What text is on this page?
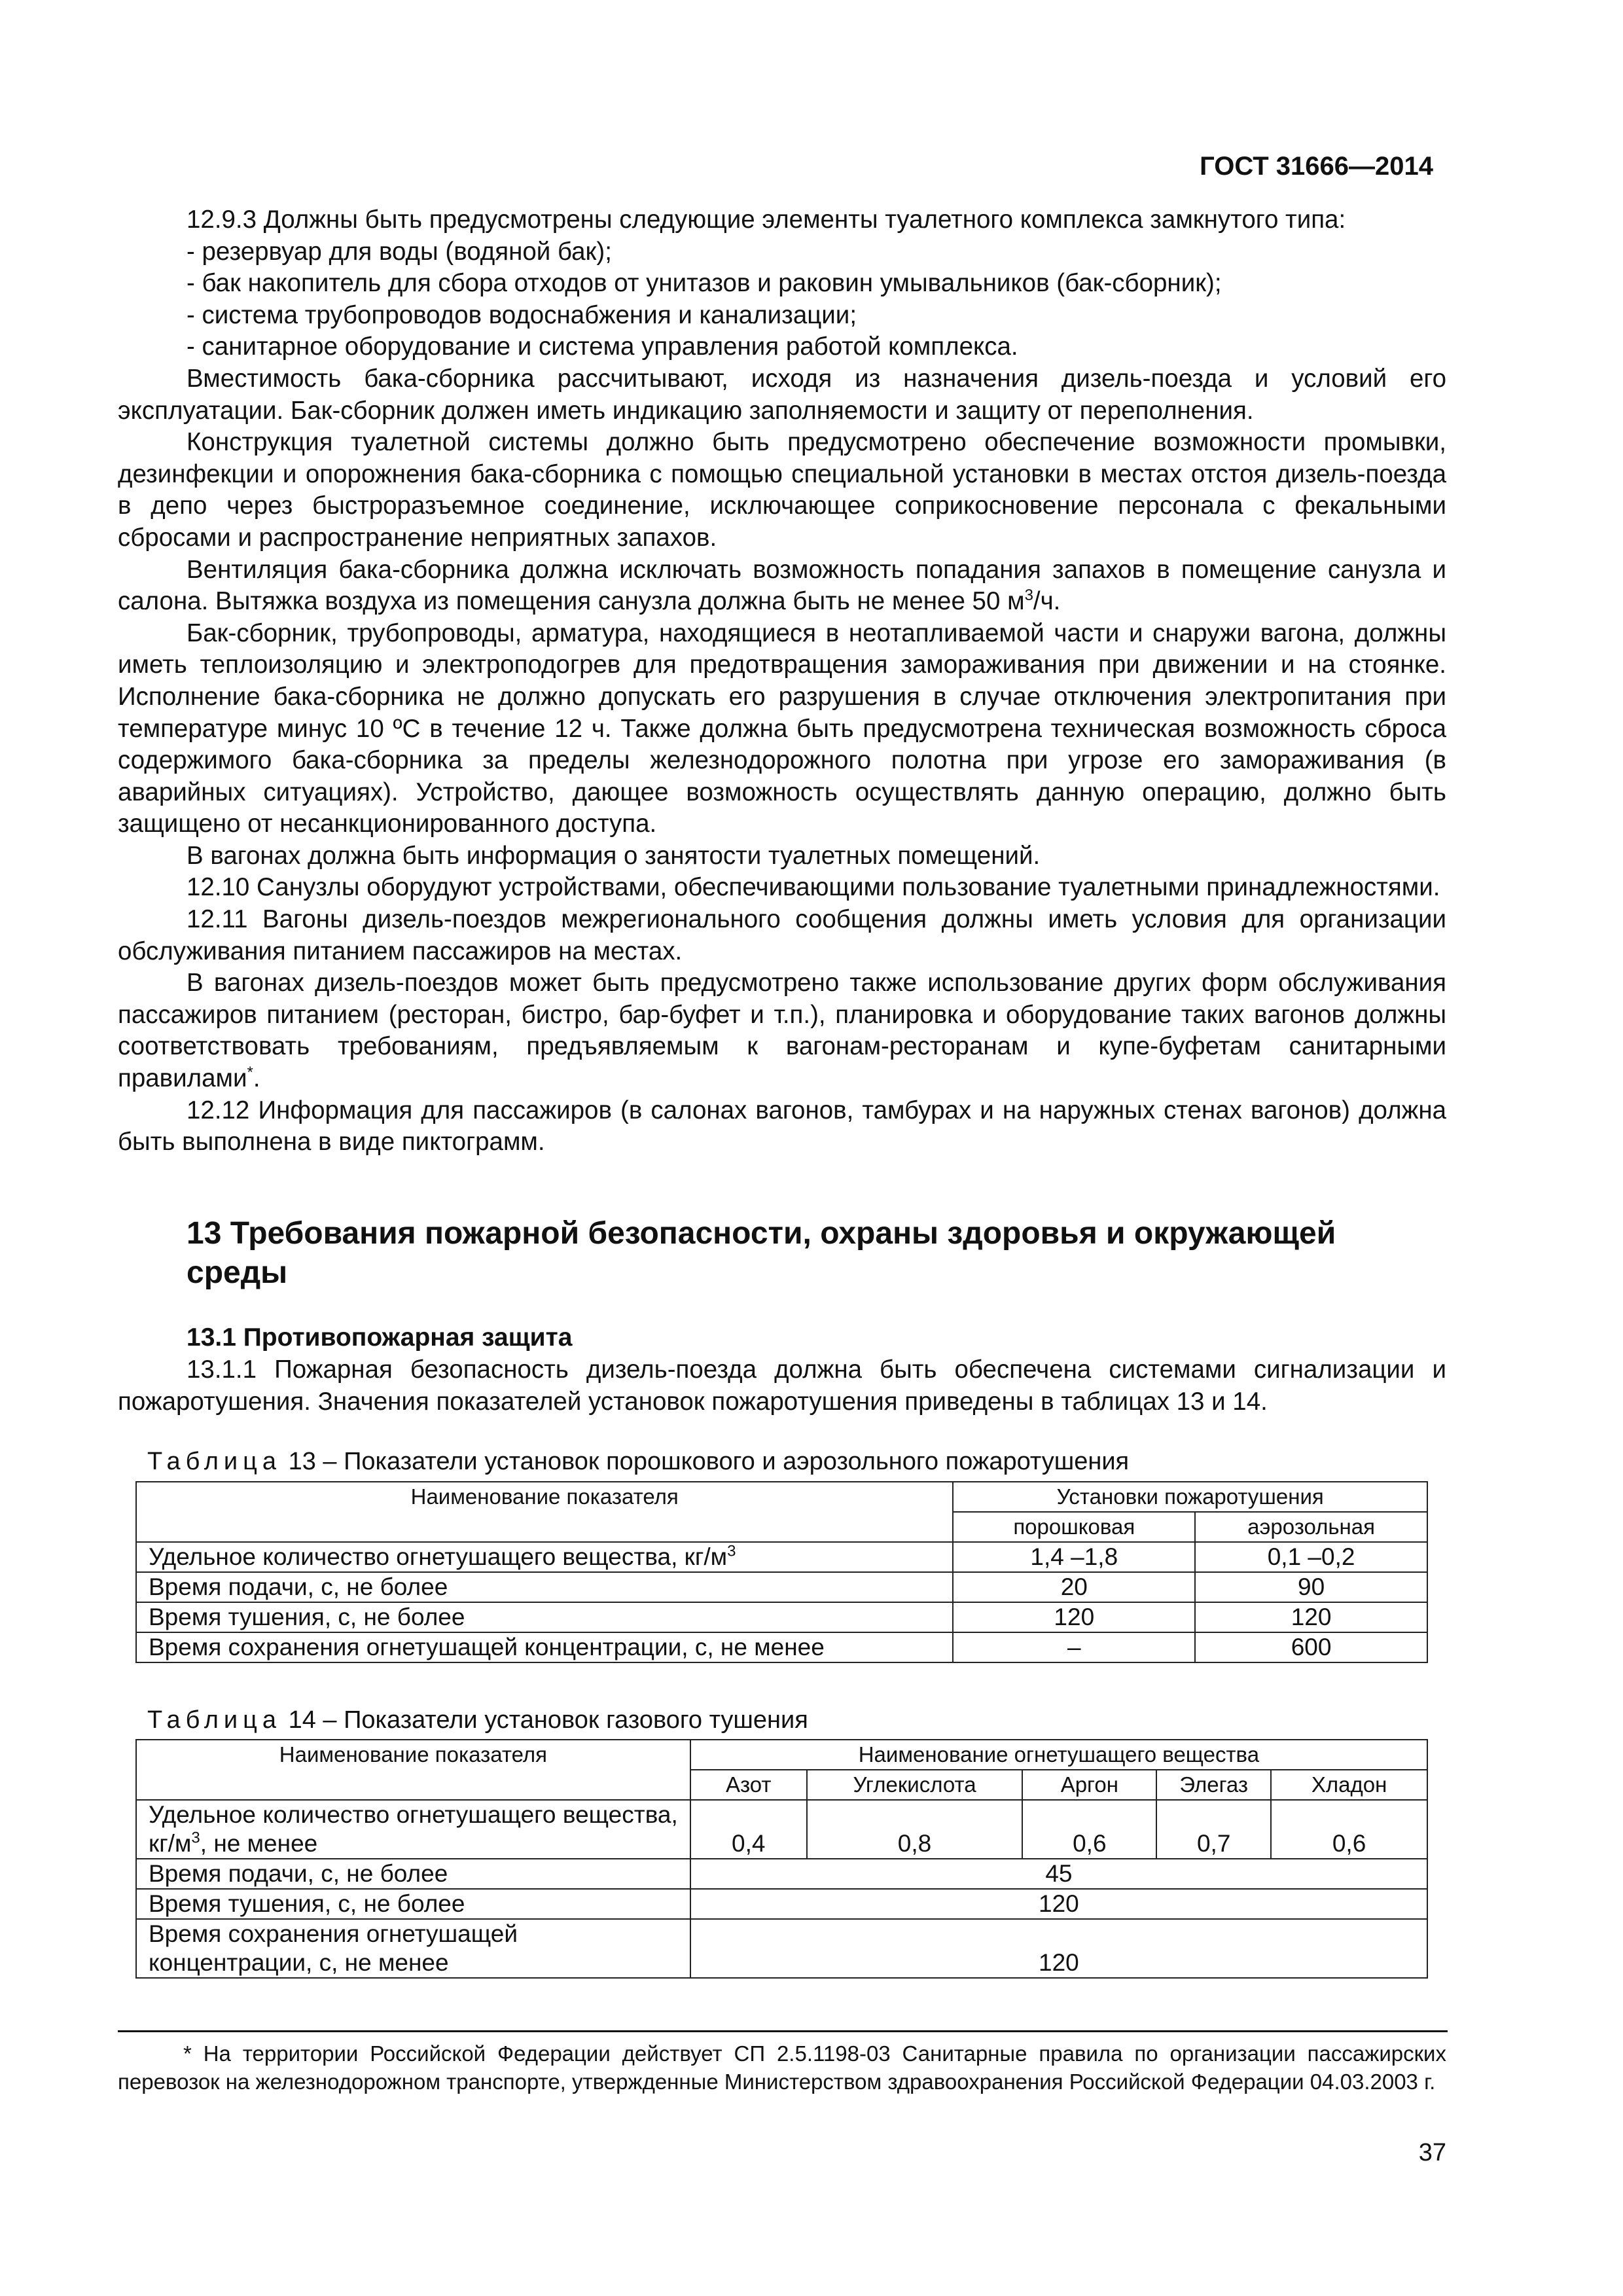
ГОСТ 31666—2014

12.9.3 Должны быть предусмотрены следующие элементы туалетного комплекса замкнутого типа:

- резервуар для воды (водяной бак);

- бак накопитель для сбора отходов от унитазов и раковин умывальников (бак-сборник);

- система трубопроводов водоснабжения и канализации;

- санитарное оборудование и система управления работой комплекса.

Вместимость бака-сборника рассчитывают, исходя из назначения дизель-поезда и условий его эксплуатации. Бак-сборник должен иметь индикацию заполняемости и защиту от переполнения.

Конструкция туалетной системы должно быть предусмотрено обеспечение возможности промывки, дезинфекции и опорожнения бака-сборника с помощью специальной установки в местах отстоя дизель-поезда в депо через быстроразъемное соединение, исключающее соприкосновение персонала с фекальными сбросами и распространение неприятных запахов.

Вентиляция бака-сборника должна исключать возможность попадания запахов в помещение санузла и салона. Вытяжка воздуха из помещения санузла должна быть не менее 50 $м^3/ч$.

Бак-сборник, трубопроводы, арматура, находящиеся в неотапливаемой части и снаружи вагона, должны иметь теплоизоляцию и электроподогрев для предотвращения замораживания при движении и на стоянке. Исполнение бака-сборника не должно допускать его разрушения в случае отключения электропитания при температуре минус 10 ºC в течение 12 ч. Также должна быть предусмотрена техническая возможность сброса содержимого бака-сборника за пределы железнодорожного полотна при угрозе его замораживания (в аварийных ситуациях). Устройство, дающее возможность осуществлять данную операцию, должно быть защищено от несанкционированного доступа.

В вагонах должна быть информация о занятости туалетных помещений.

12.10 Санузлы оборудуют устройствами, обеспечивающими пользование туалетными принадлежностями.

12.11 Вагоны дизель-поездов межрегионального сообщения должны иметь условия для организации обслуживания питанием пассажиров на местах.

В вагонах дизель-поездов может быть предусмотрено также использование других форм обслуживания пассажиров питанием (ресторан, бистро, бар-буфет и т.п.), планировка и оборудование таких вагонов должны соответствовать требованиям, предъявляемым к вагонам-ресторанам и купе-буфетам санитарными правилами*.

12.12 Информация для пассажиров (в салонах вагонов, тамбурах и на наружных стенах вагонов) должна быть выполнена в виде пиктограмм.

13 Требования пожарной безопасности, охраны здоровья и окружающей среды
13.1 Противопожарная защита

13.1.1 Пожарная безопасность дизель-поезда должна быть обеспечена системами сигнализации и пожаротушения. Значения показателей установок пожаротушения приведены в таблицах 13 и 14.

Таблица 13 – Показатели установок порошкового и аэрозольного пожаротушения
Наименование показателя	Установки пожаротушения	
	порошковая	аэрозольная
Удельное количество огнетушащего вещества, $кг/м^3$	1,4 –1,8	0,1 –0,2
Время подачи, с, не более	20	90
Время тушения, с, не более	120	120
Время сохранения огнетушащей концентрации, с, не менее	–	600
Таблица 14 – Показатели установок газового тушения
Наименование показателя	Наименование огнетушащего вещества				
	Азот	Углекислота	Аргон	Элегаз	Хладон
Удельное количество огнетушащего вещества, $кг/м^3$, не менее	0,4	0,8	0,6	0,7	0,6
Время подачи, с, не более	45				
Время тушения, с, не более	120				
Время сохранения огнетушащей концентрации, с, не менее	120				
* На территории Российской Федерации действует СП 2.5.1198-03 Санитарные правила по организации пассажирских перевозок на железнодорожном транспорте, утвержденные Министерством здравоохранения Российской Федерации 04.03.2003 г.
37
